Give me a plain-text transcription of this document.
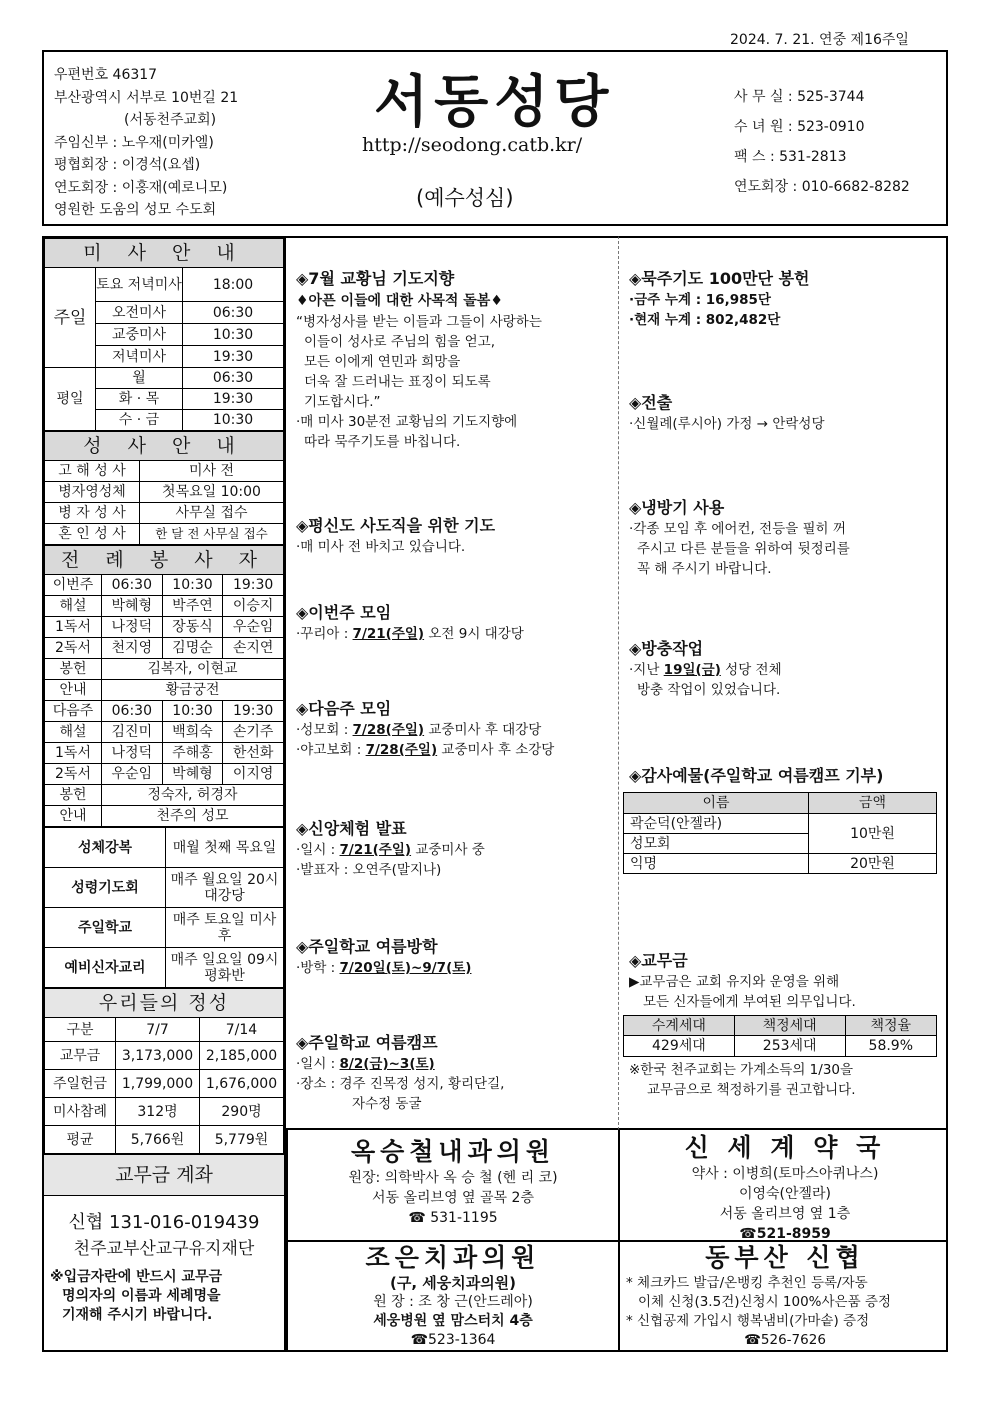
2024. 7. 21. 연중 제16주일
우편번호 46317
부산광역시 서부로 10번길 21
(서동천주교회)
주임신부 : 노우재(미카엘)
평협회장 : 이경석(요셉)
연도회장 : 이홍재(예로니모)
영원한 도움의 성모 수도회
서동성당
http://seodong.catb.kr/
(예수성심)
사 무 실 : 525-3744
수 녀 원 : 523-0910
팩 스 : 531-2813
연도회장 : 010-6682-8282
미 사 안 내		
주일	토요 저녁미사	18:00
	오전미사	06:30
	교중미사	10:30
	저녁미사	19:30
평일	월	06:30
	화 · 목	19:30
	수 · 금	10:30
성 사 안 내	
고 해 성 사	미사 전
병자영성체	첫목요일 10:00
병 자 성 사	사무실 접수
혼 인 성 사	한 달 전 사무실 접수
전 례 봉 사 자			
이번주	06:30	10:30	19:30
해설	박혜형	박주연	이승지
1독서	나정덕	장동식	우순임
2독서	천지영	김명순	손지연
봉헌	김복자, 이현교		
안내	황금궁전		
다음주	06:30	10:30	19:30
해설	김진미	백희숙	손기주
1독서	나정덕	주해홍	한선화
2독서	우순임	박혜형	이지영
봉헌	정숙자, 허경자		
안내	천주의 성모		
성체강복	매월 첫째 목요일
성령기도회	매주 월요일 20시 대강당
주일학교	매주 토요일 미사 후
예비신자교리	매주 일요일 09시 평화반
우리들의 정성		
구분	7/7	7/14
교무금	3,173,000	2,185,000
주일헌금	1,799,000	1,676,000
미사참례	312명	290명
평균	5,766원	5,779원
교무금 계좌
신협 131-016-019439
천주교부산교구유지재단
※입금자란에 반드시 교무금
명의자의 이름과 세례명을
기재해 주시기 바랍니다.
◈7월 교황님 기도지향
♦아픈 이들에 대한 사목적 돌봄♦
“병자성사를 받는 이들과 그들이 사랑하는
이들이 성사로 주님의 힘을 얻고,
모든 이에게 연민과 희망을
더욱 잘 드러내는 표징이 되도록
기도합시다.”
·매 미사 30분전 교황님의 기도지향에
따라 묵주기도를 바칩니다.
◈평신도 사도직을 위한 기도
·매 미사 전 바치고 있습니다.
◈이번주 모임
·꾸리아 : 7/21(주일) 오전 9시 대강당
◈다음주 모임
·성모회 : 7/28(주일) 교중미사 후 대강당
·야고보회 : 7/28(주일) 교중미사 후 소강당
◈신앙체험 발표
·일시 : 7/21(주일) 교중미사 중
·발표자 : 오연주(말지나)
◈주일학교 여름방학
·방학 : 7/20일(토)~9/7(토)
◈주일학교 여름캠프
·일시 : 8/2(금)~3(토)
·장소 : 경주 진목정 성지, 황리단길,
자수정 동굴
◈묵주기도 100만단 봉헌
·금주 누계 : 16,985단
·현재 누계 : 802,482단
◈전출
·신월례(루시아) 가정 → 안락성당
◈냉방기 사용
·각종 모임 후 에어컨, 전등을 필히 꺼
주시고 다른 분들을 위하여 뒷정리를
꼭 해 주시기 바랍니다.
◈방충작업
·지난 19일(금) 성당 전체
방충 작업이 있었습니다.
◈감사예물(주일학교 여름캠프 기부)
이름	금액
곽순덕(안젤라)	10만원
성모회	
익명	20만원
◈교무금
▶교무금은 교회 유지와 운영을 위해
모든 신자들에게 부여된 의무입니다.
수계세대	책정세대	책정율
429세대	253세대	58.9%
※한국 천주교회는 가계소득의 1/30을
교무금으로 책정하기를 권고합니다.
옥승철내과의원
원장: 의학박사 옥 승 철 (헨 리 코)
서동 올리브영 옆 골목 2층
☎ 531-1195
신 세 계 약 국
약사 : 이병희(토마스아퀴나스)
이영숙(안젤라)
서동 올리브영 옆 1층
☎521-8959
조은치과의원
(구, 세웅치과의원)
원 장 : 조 창 근(안드레아)
세웅병원 옆 맘스터치 4층
☎523-1364
동부산 신협
* 체크카드 발급/온뱅킹 추천인 등록/자동
이체 신청(3.5건)신청시 100%사은품 증정
* 신협공제 가입시 행복냄비(가마솥) 증정
☎526-7626
